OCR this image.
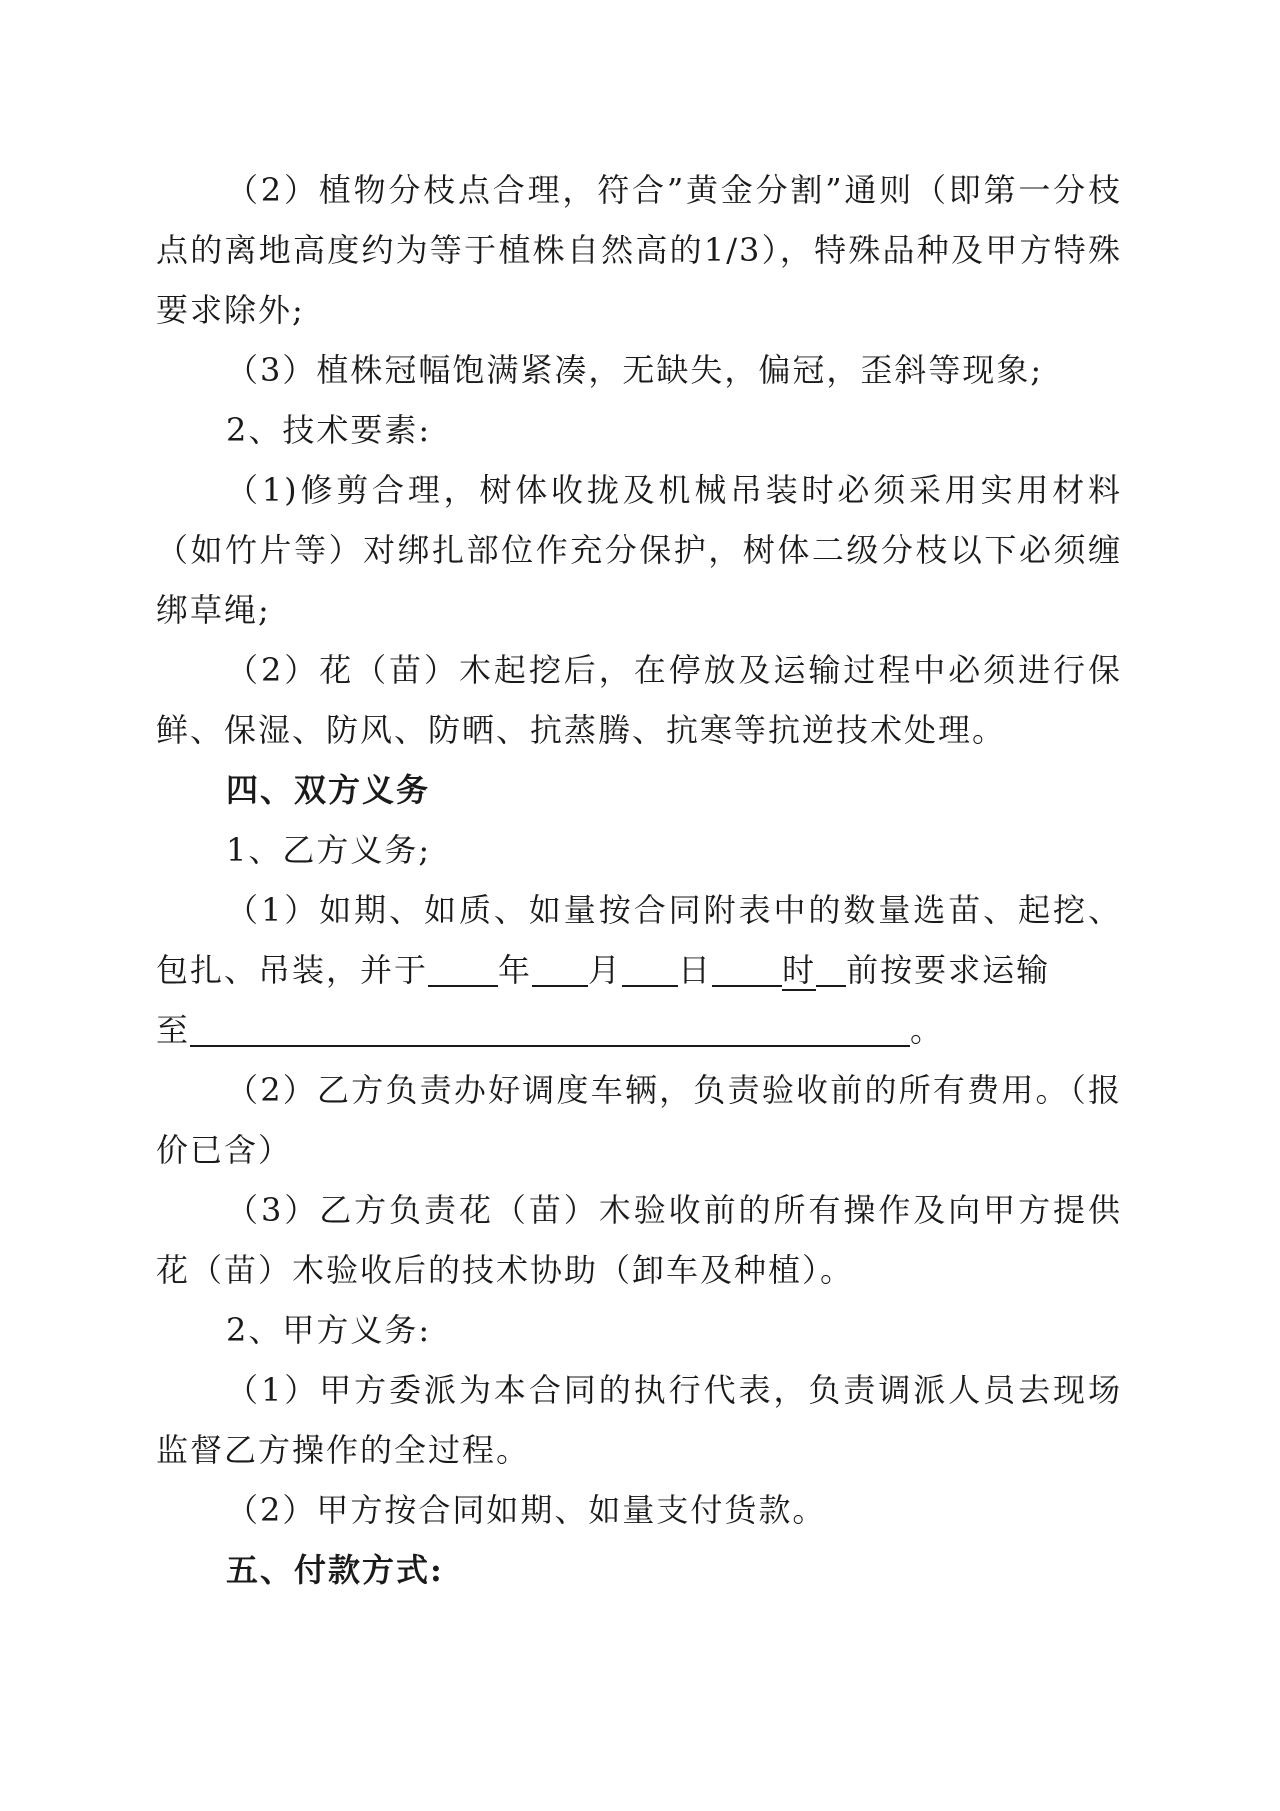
（2）植物分枝点合理，符合”黄金分割”通则（即第一分枝点的离地高度约为等于植株自然高的1/3），特殊品种及甲方特殊要求除外;

（3）植株冠幅饱满紧凑，无缺失，偏冠，歪斜等现象;

2、技术要素:

（1)修剪合理，树体收拢及机械吊装时必须采用实用材料（如竹片等）对绑扎部位作充分保护，树体二级分枝以下必须缠绑草绳;

（2）花（苗）木起挖后，在停放及运输过程中必须进行保鲜、保湿、防风、防晒、抗蒸腾、抗寒等抗逆技术处理。

四、双方义务

1、乙方义务;

（1）如期、如质、如量按合同附表中的数量选苗、起挖、包扎、吊装，并于 年 月 日 时 前按要求运输
至	。

（2）乙方负责办好调度车辆，负责验收前的所有费用。（报价已含）

（3）乙方负责花（苗）木验收前的所有操作及向甲方提供花（苗）木验收后的技术协助（卸车及种植）。

2、甲方义务:

（1）甲方委派为本合同的执行代表，负责调派人员去现场监督乙方操作的全过程。

（2）甲方按合同如期、如量支付货款。

五、付款方式:
